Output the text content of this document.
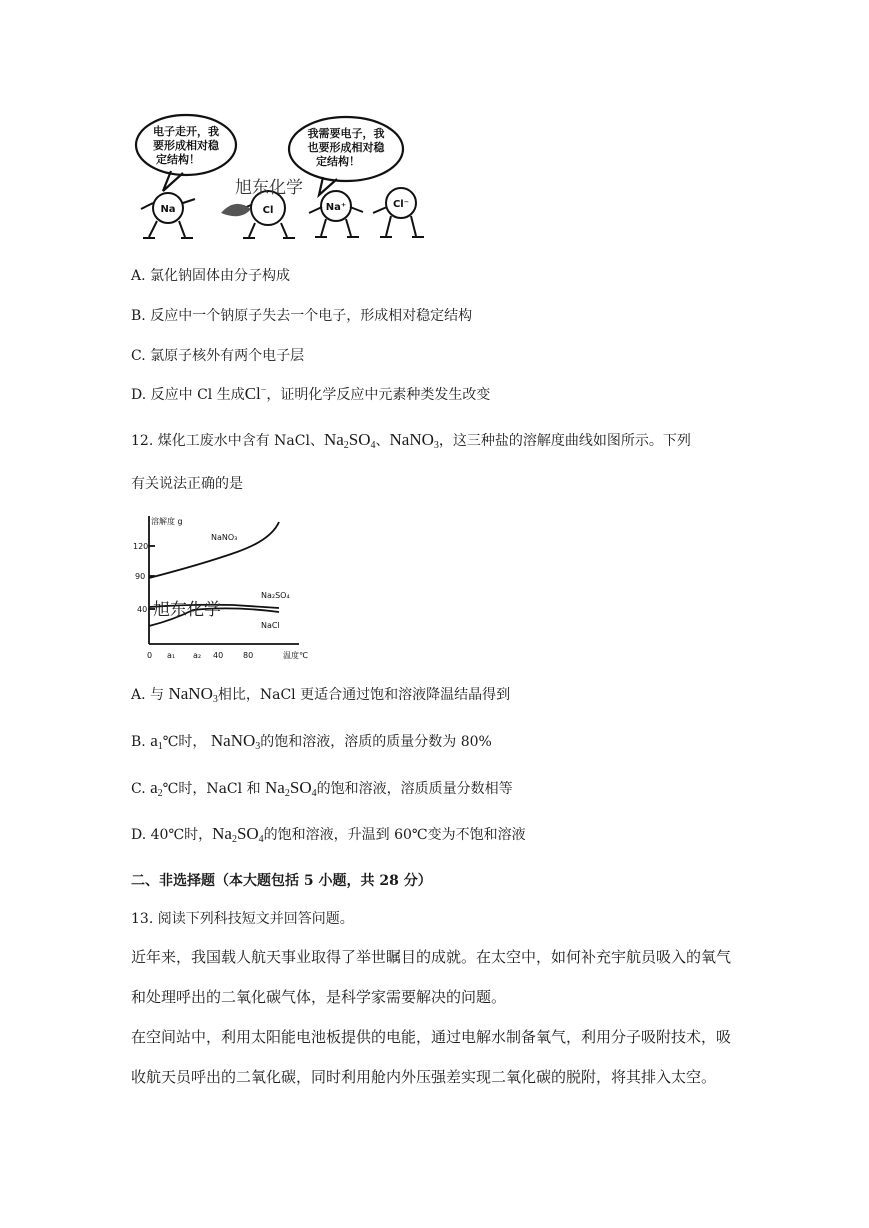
电子走开，我
要形成相对稳
定结构！
我需要电子，我
也要形成相对稳
定结构！
Na	Cl	Na⁺	Cl⁻
旭东化学
A. 氯化钠固体由分子构成
B. 反应中一个钠原子失去一个电子，形成相对稳定结构
C. 氯原子核外有两个电子层
D. 反应中 Cl 生成Cl−，证明化学反应中元素种类发生改变
12. 煤化工废水中含有 NaCl、$Na_2SO_4$、NaNO$_3$，这三种盐的溶解度曲线如图所示。下列
有关说法正确的是
溶解度 g
温度℃
120
90
40
0 a₁ a₂ 40 80
NaNO₃
Na₂SO₄
NaCl
旭东化学
A. 与 NaNO$_3$相比，NaCl 更适合通过饱和溶液降温结晶得到
B. $a_1℃$时， NaNO$_3$的饱和溶液，溶质的质量分数为 80%
C. $a_2℃$时，NaCl 和 $Na_2SO_4$的饱和溶液，溶质质量分数相等
D. 40℃时，$Na_2SO_4$的饱和溶液，升温到 60℃变为不饱和溶液
二、非选择题（本大题包括 5 小题，共 28 分）
13. 阅读下列科技短文并回答问题。
近年来，我国载人航天事业取得了举世瞩目的成就。在太空中，如何补充宇航员吸入的氧气
和处理呼出的二氧化碳气体，是科学家需要解决的问题。
在空间站中，利用太阳能电池板提供的电能，通过电解水制备氧气，利用分子吸附技术，吸
收航天员呼出的二氧化碳，同时利用舱内外压强差实现二氧化碳的脱附，将其排入太空。
